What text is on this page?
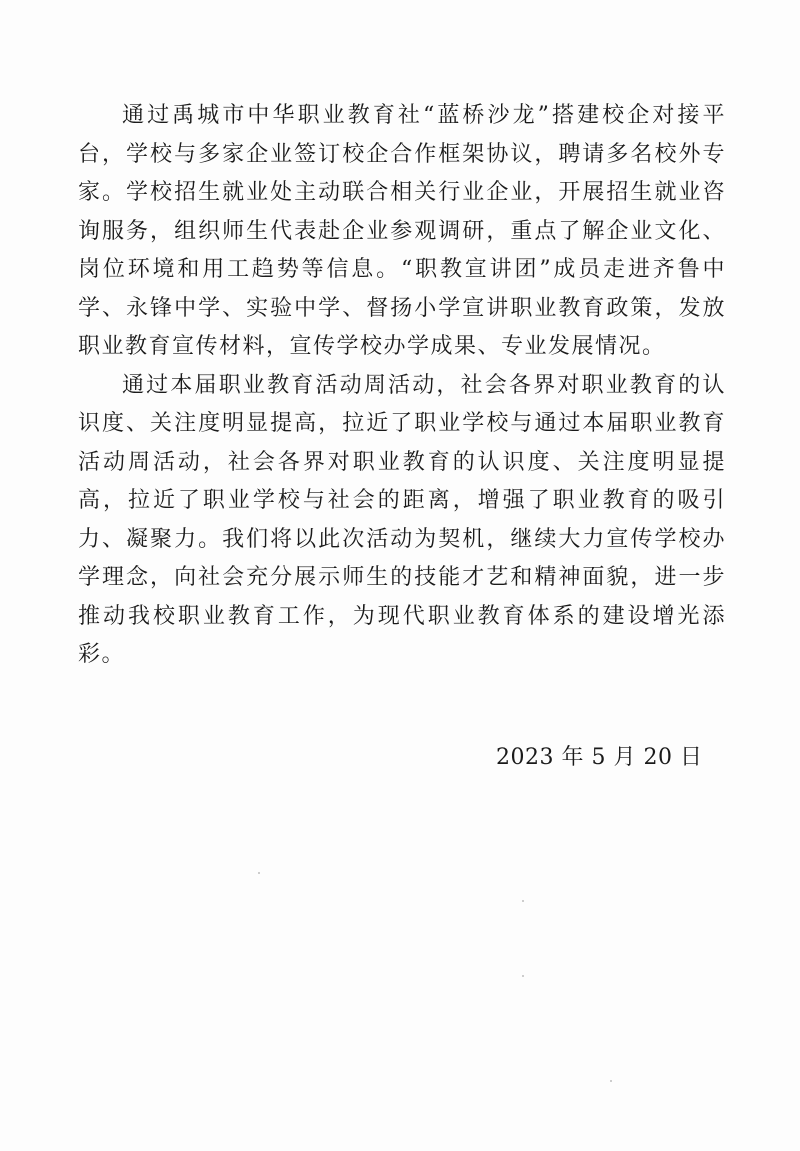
通过禹城市中华职业教育社“蓝桥沙龙”搭建校企对接平台，学校与多家企业签订校企合作框架协议，聘请多名校外专家。学校招生就业处主动联合相关行业企业，开展招生就业咨询服务，组织师生代表赴企业参观调研，重点了解企业文化、岗位环境和用工趋势等信息。“职教宣讲团”成员走进齐鲁中学、永锋中学、实验中学、督扬小学宣讲职业教育政策，发放职业教育宣传材料，宣传学校办学成果、专业发展情况。

通过本届职业教育活动周活动，社会各界对职业教育的认识度、关注度明显提高，拉近了职业学校与通过本届职业教育活动周活动，社会各界对职业教育的认识度、关注度明显提高，拉近了职业学校与社会的距离，增强了职业教育的吸引力、凝聚力。我们将以此次活动为契机，继续大力宣传学校办学理念，向社会充分展示师生的技能才艺和精神面貌，进一步推动我校职业教育工作，为现代职业教育体系的建设增光添彩。

2023 年 5 月 20 日
